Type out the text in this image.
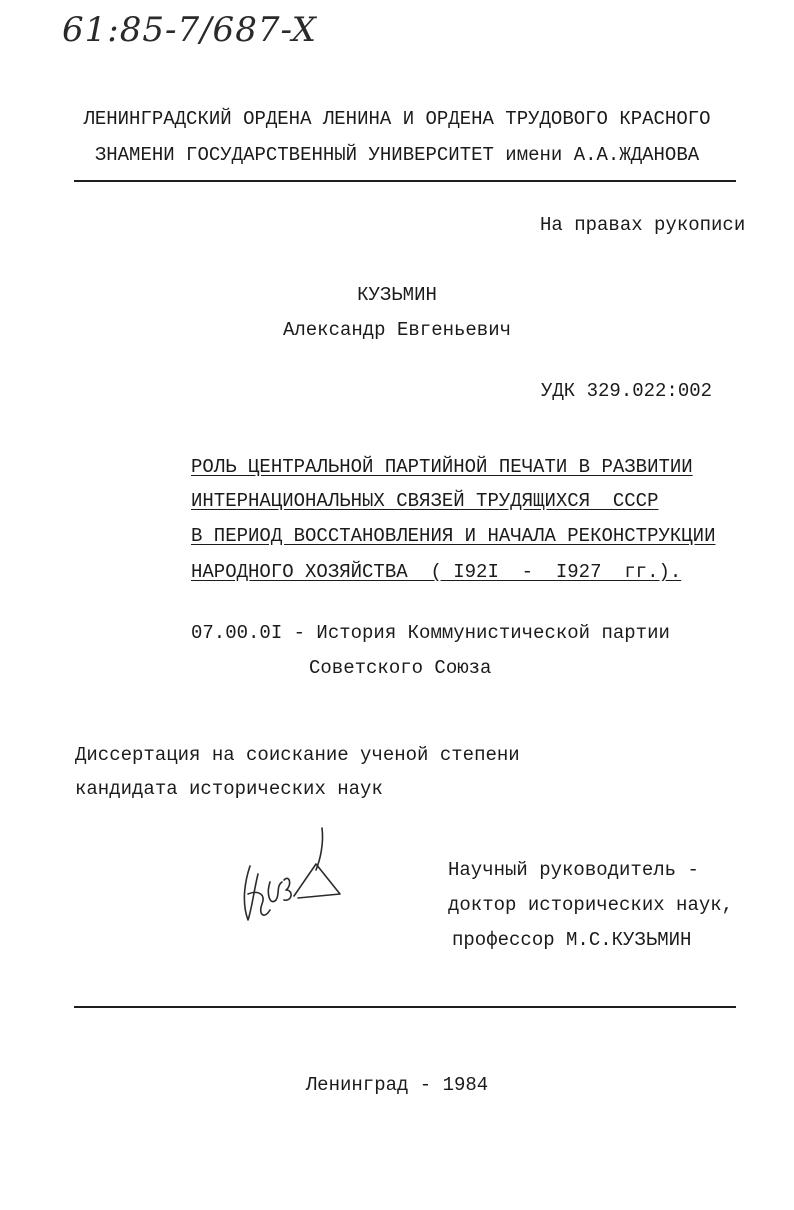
61:85-7/687-X
ЛЕНИНГРАДСКИЙ ОРДЕНА ЛЕНИНА И ОРДЕНА ТРУДОВОГО КРАСНОГО
ЗНАМЕНИ ГОСУДАРСТВЕННЫЙ УНИВЕРСИТЕТ имени А.А.ЖДАНОВА
На правах рукописи
КУЗЬМИН
Александр Евгеньевич
УДК 329.022:002
РОЛЬ ЦЕНТРАЛЬНОЙ ПАРТИЙНОЙ ПЕЧАТИ В РАЗВИТИИ
ИНТЕРНАЦИОНАЛЬНЫХ СВЯЗЕЙ ТРУДЯЩИХСЯ  СССР
В ПЕРИОД ВОССТАНОВЛЕНИЯ И НАЧАЛА РЕКОНСТРУКЦИИ
НАРОДНОГО ХОЗЯЙСТВА  ( I92I  -  I927  гг.).
07.00.0I - История Коммунистической партии
Советского Союза
Диссертация на соискание ученой степени
кандидата исторических наук
Научный руководитель -
доктор исторических наук,
профессор М.С.КУЗЬМИН
Ленинград - 1984
